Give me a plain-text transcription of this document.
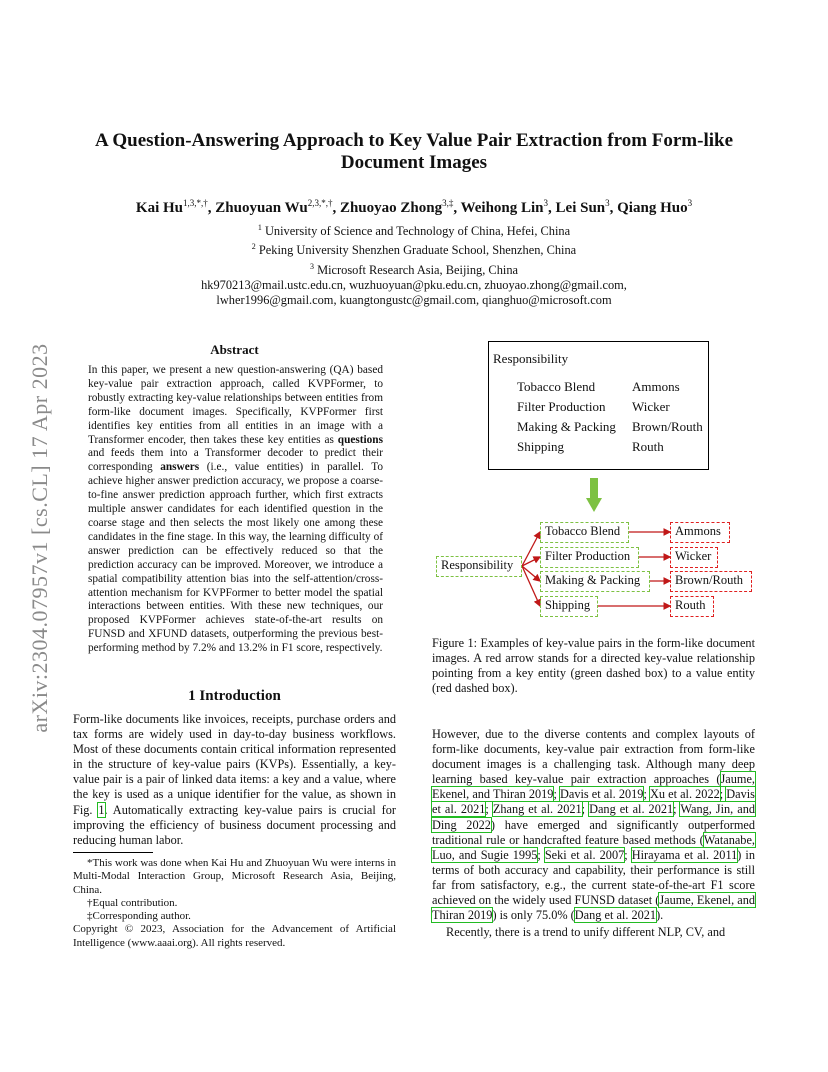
arXiv:2304.07957v1 [cs.CL] 17 Apr 2023
A Question-Answering Approach to Key Value Pair Extraction from Form-like Document Images
Kai $Hu^{1,3,*,\dagger}$, Zhuoyuan $Wu^{2,3,*,\dagger}$, Zhuoyao Zhong$^{3,\ddagger}$, Weihong Lin$^3$, Lei Sun$^3$, Qiang Huo$^3$
$^1$ University of Science and Technology of China, Hefei, China
$^2$ Peking University Shenzhen Graduate School, Shenzhen, China
$^3$ Microsoft Research Asia, Beijing, China
hk970213@mail.ustc.edu.cn, wuzhuoyuan@pku.edu.cn, zhuoyao.zhong@gmail.com,
lwher1996@gmail.com, kuangtongustc@gmail.com, qianghuo@microsoft.com
Abstract
In this paper, we present a new question-answering (QA) based key-value pair extraction approach, called KVPFormer, to robustly extracting key-value relationships between entities from form-like document images. Specifically, KVPFormer first identifies key entities from all entities in an image with a Transformer encoder, then takes these key entities as questions and feeds them into a Transformer decoder to predict their corresponding answers (i.e., value entities) in parallel. To achieve higher answer prediction accuracy, we propose a coarse-to-fine answer prediction approach further, which first extracts multiple answer candidates for each identified question in the coarse stage and then selects the most likely one among these candidates in the fine stage. In this way, the learning difficulty of answer prediction can be effectively reduced so that the prediction accuracy can be improved. Moreover, we introduce a spatial compatibility attention bias into the self-attention/cross-attention mechanism for KVPFormer to better model the spatial interactions between entities. With these new techniques, our proposed KVPFormer achieves state-of-the-art results on FUNSD and XFUND datasets, outperforming the previous best-performing method by 7.2% and 13.2% in F1 score, respectively.
1 Introduction
Form-like documents like invoices, receipts, purchase orders and tax forms are widely used in day-to-day business workflows. Most of these documents contain critical information represented in the structure of key-value pairs (KVPs). Essentially, a key-value pair is a pair of linked data items: a key and a value, where the key is used as a unique identifier for the value, as shown in Fig. 1. Automatically extracting key-value pairs is crucial for improving the efficiency of business document processing and reducing human labor.

*This work was done when Kai Hu and Zhuoyuan Wu were interns in Multi-Modal Interaction Group, Microsoft Research Asia, Beijing, China.

†Equal contribution.

‡Corresponding author.

Copyright © 2023, Association for the Advancement of Artificial Intelligence (www.aaai.org). All rights reserved.

Responsibility
Tobacco Blend	Ammons
Filter Production Wicker
Making & Packing Brown/Routh
Shipping	Routh
Responsibility
Tobacco Blend
Filter Production
Making & Packing
Shipping
Ammons
Wicker
Brown/Routh
Routh
Figure 1: Examples of key-value pairs in the form-like document images. A red arrow stands for a directed key-value relationship pointing from a key entity (green dashed box) to a value entity (red dashed box).

However, due to the diverse contents and complex layouts of form-like documents, key-value pair extraction from form-like document images is a challenging task. Although many deep learning based key-value pair extraction approaches (Jaume, Ekenel, and Thiran 2019; Davis et al. 2019; Xu et al. 2022; Davis et al. 2021; Zhang et al. 2021; Dang et al. 2021; Wang, Jin, and Ding 2022) have emerged and significantly outperformed traditional rule or handcrafted feature based methods (Watanabe, Luo, and Sugie 1995; Seki et al. 2007; Hirayama et al. 2011) in terms of both accuracy and capability, their performance is still far from satisfactory, e.g., the current state-of-the-art F1 score achieved on the widely used FUNSD dataset (Jaume, Ekenel, and Thiran 2019) is only 75.0% (Dang et al. 2021).

Recently, there is a trend to unify different NLP, CV, and
